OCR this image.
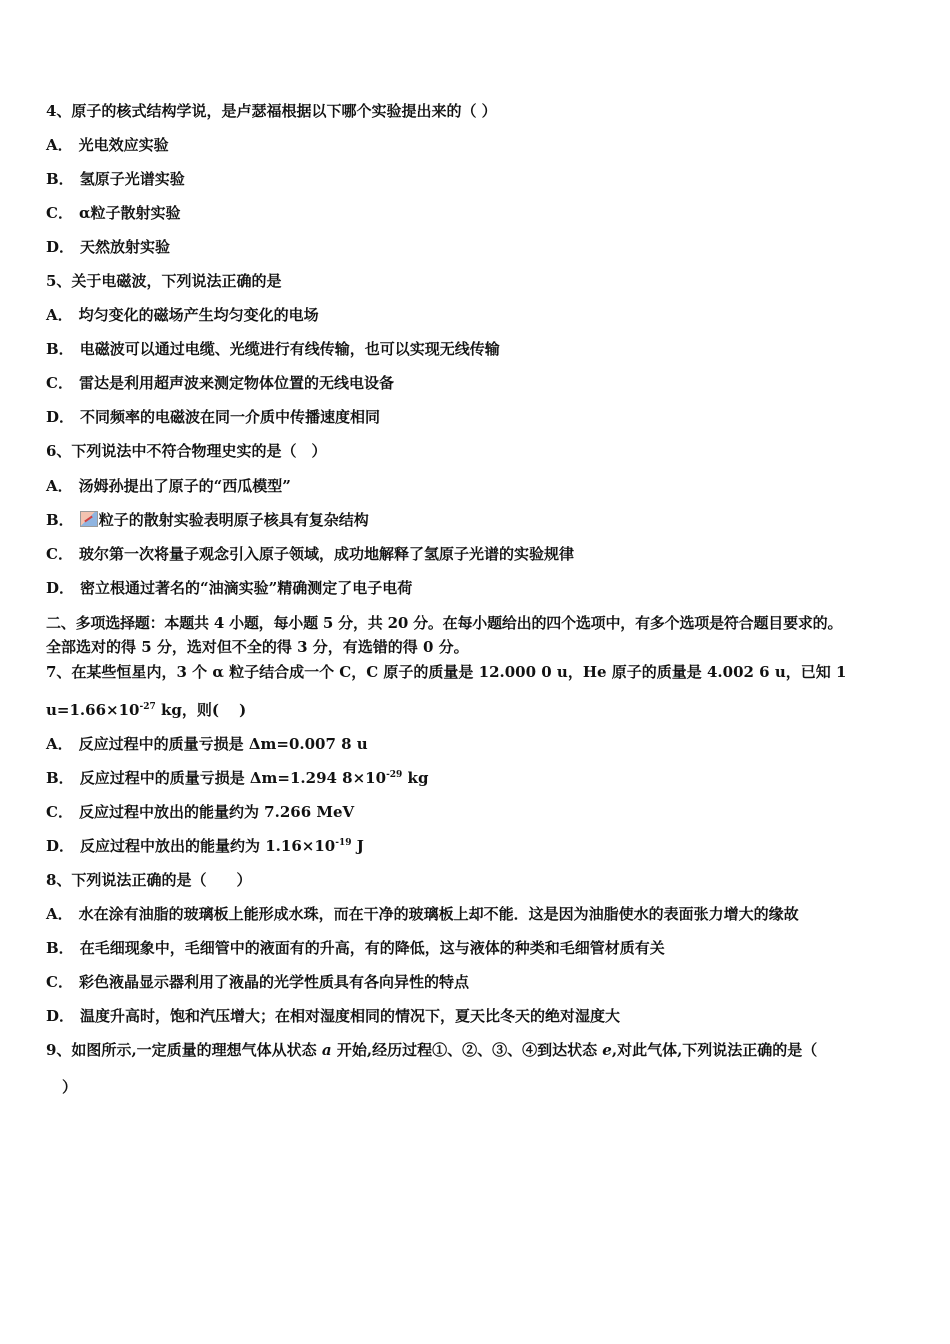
4、原子的核式结构学说，是卢瑟福根据以下哪个实验提出来的（ ）
A． 光电效应实验
B． 氢原子光谱实验
C． α粒子散射实验
D． 天然放射实验
5、关于电磁波，下列说法正确的是
A． 均匀变化的磁场产生均匀变化的电场
B． 电磁波可以通过电缆、光缆进行有线传输，也可以实现无线传输
C． 雷达是利用超声波来测定物体位置的无线电设备
D． 不同频率的电磁波在同一介质中传播速度相同
6、下列说法中不符合物理史实的是（　）
A． 汤姆孙提出了原子的“西瓜模型”
B． 粒子的散射实验表明原子核具有复杂结构
C． 玻尔第一次将量子观念引入原子领域，成功地解释了氢原子光谱的实验规律
D． 密立根通过著名的“油滴实验”精确测定了电子电荷
二、多项选择题：本题共 4 小题，每小题 5 分，共 20 分。在每小题给出的四个选项中，有多个选项是符合题目要求的。
全部选对的得 5 分，选对但不全的得 3 分，有选错的得 0 分。
7、在某些恒星内，3 个 α 粒子结合成一个 C，C 原子的质量是 12.000 0 u，He 原子的质量是 4.002 6 u，已知 1
$u=1.66\times 10^{-27}$ kg，则(　 )
A． 反应过程中的质量亏损是 Δm=0.007 8 u
B． 反应过程中的质量亏损是 Δm=1.294 $8\times 10^{-29}$ kg
C． 反应过程中放出的能量约为 7.266 MeV
D． 反应过程中放出的能量约为 $1.16\times 10^{-19}$ J
8、下列说法正确的是（　　）
A． 水在涂有油脂的玻璃板上能形成水珠，而在干净的玻璃板上却不能．这是因为油脂使水的表面张力增大的缘故
B． 在毛细现象中，毛细管中的液面有的升高，有的降低，这与液体的种类和毛细管材质有关
C． 彩色液晶显示器利用了液晶的光学性质具有各向异性的特点
D． 温度升高时，饱和汽压增大；在相对湿度相同的情况下，夏天比冬天的绝对湿度大
9、如图所示,一定质量的理想气体从状态 a 开始,经历过程①、②、③、④到达状态 e,对此气体,下列说法正确的是（
）
